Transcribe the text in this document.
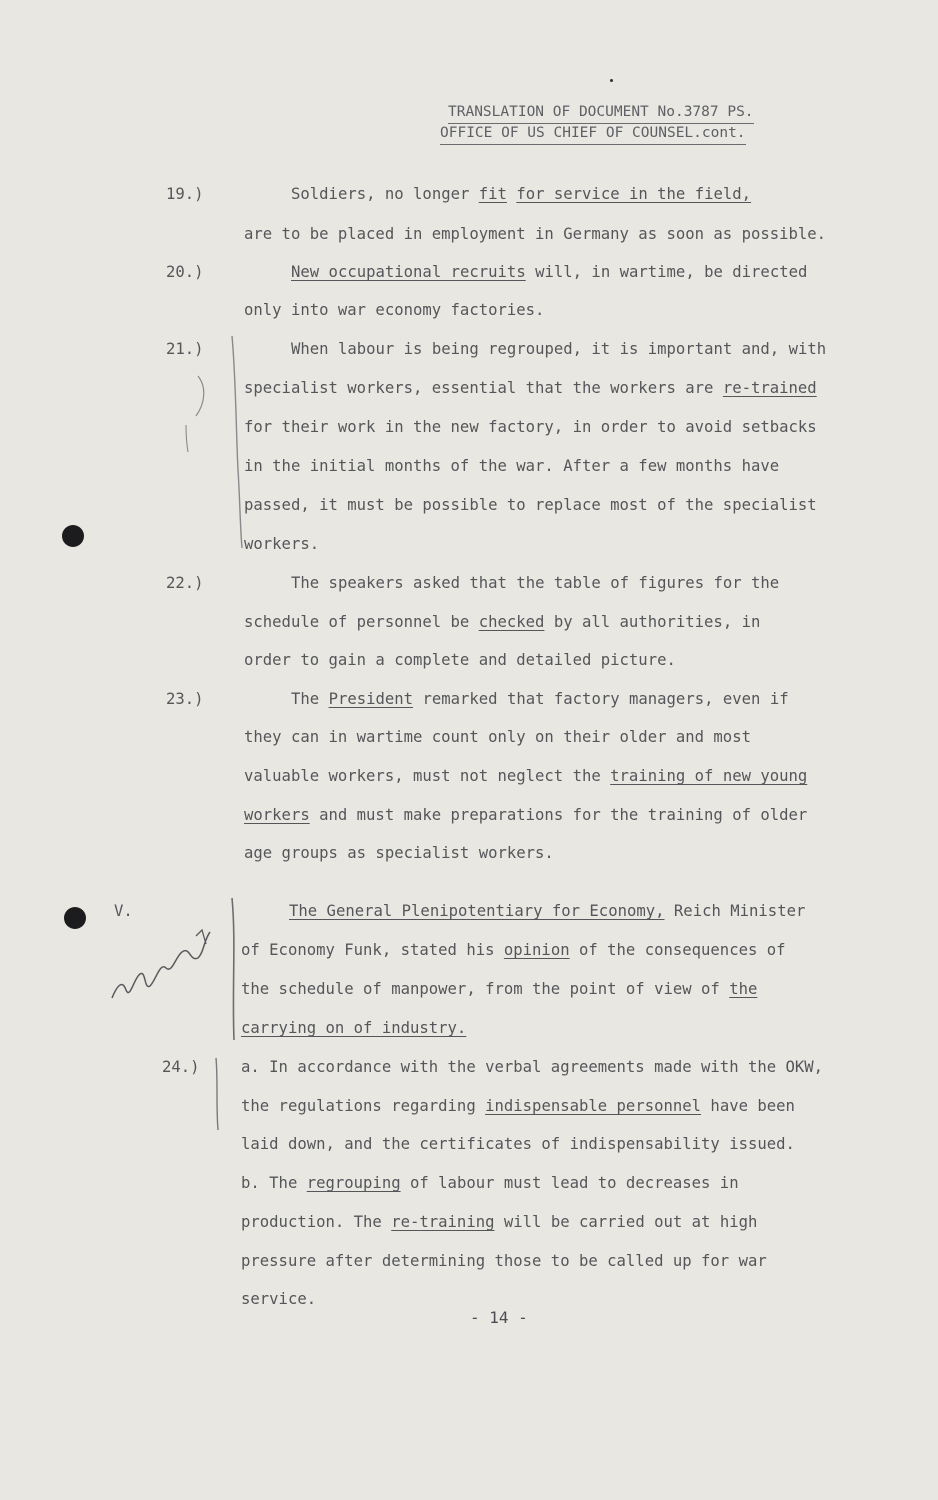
TRANSLATION OF DOCUMENT No.3787 PS.
OFFICE OF US CHIEF OF COUNSEL.cont.
19.)	Soldiers, no longer fit for service in the field,
are to be placed in employment in Germany as soon as possible.
20.)	New occupational recruits will, in wartime, be directed
only into war economy factories.
21.)	When labour is being regrouped, it is important and, with
specialist workers, essential that the workers are re-trained
for their work in the new factory, in order to avoid setbacks
in the initial months of the war. After a few months have
passed, it must be possible to replace most of the specialist
workers.
22.)	The speakers asked that the table of figures for the
schedule of personnel be checked by all authorities, in
order to gain a complete and detailed picture.
23.)	The President remarked that factory managers, even if
they can in wartime count only on their older and most
valuable workers, must not neglect the training of new young
workers and must make preparations for the training of older
age groups as specialist workers.
V.	The General Plenipotentiary for Economy, Reich Minister
of Economy Funk, stated his opinion of the consequences of
the schedule of manpower, from the point of view of the
carrying on of industry.
24.)	a. In accordance with the verbal agreements made with the OKW,
the regulations regarding indispensable personnel have been
laid down, and the certificates of indispensability issued.
b. The regrouping of labour must lead to decreases in
production. The re-training will be carried out at high
pressure after determining those to be called up for war
service.
- 14 -
